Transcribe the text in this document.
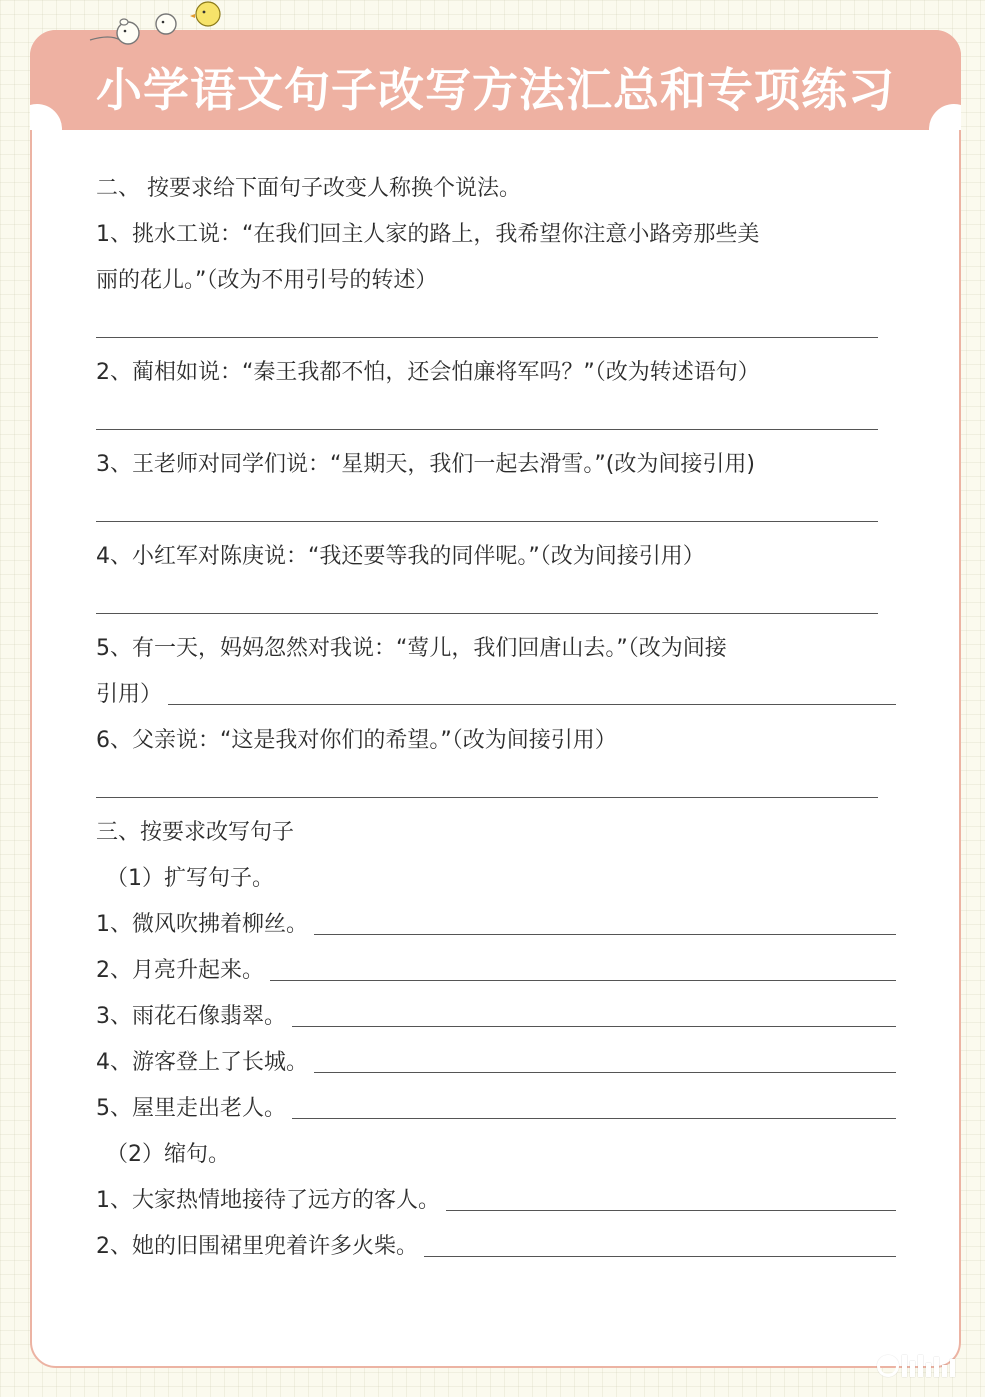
小学语文句子改写方法汇总和专项练习
二、 按要求给下面句子改变人称换个说法。
1、挑水工说：“在我们回主人家的路上，我希望你注意小路旁那些美
丽的花儿。”（改为不用引号的转述）
2、蔺相如说：“秦王我都不怕，还会怕廉将军吗？”（改为转述语句）
3、王老师对同学们说：“星期天，我们一起去滑雪。”(改为间接引用)
4、小红军对陈庚说：“我还要等我的同伴呢。”（改为间接引用）
5、有一天，妈妈忽然对我说：“莺儿，我们回唐山去。”（改为间接
引用）
6、父亲说：“这是我对你们的希望。”（改为间接引用）
三、按要求改写句子
（1）扩写句子。
1、微风吹拂着柳丝。
2、月亮升起来。
3、雨花石像翡翠。
4、游客登上了长城。
5、屋里走出老人。
（2）缩句。
1、大家热情地接待了远方的客人。
2、她的旧围裙里兜着许多火柴。
